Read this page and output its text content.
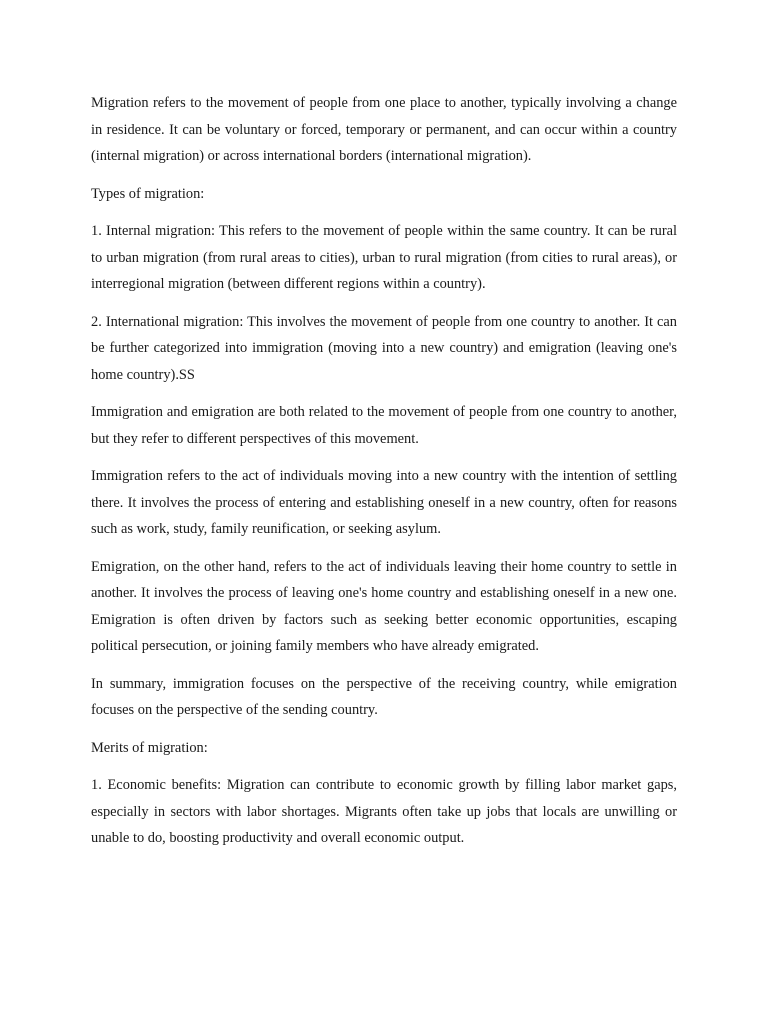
Migration refers to the movement of people from one place to another, typically involving a change in residence. It can be voluntary or forced, temporary or permanent, and can occur within a country (internal migration) or across international borders (international migration).

Types of migration:

1. Internal migration: This refers to the movement of people within the same country. It can be rural to urban migration (from rural areas to cities), urban to rural migration (from cities to rural areas), or interregional migration (between different regions within a country).

2. International migration: This involves the movement of people from one country to another. It can be further categorized into immigration (moving into a new country) and emigration (leaving one's home country).SS

Immigration and emigration are both related to the movement of people from one country to another, but they refer to different perspectives of this movement.

Immigration refers to the act of individuals moving into a new country with the intention of settling there. It involves the process of entering and establishing oneself in a new country, often for reasons such as work, study, family reunification, or seeking asylum.

Emigration, on the other hand, refers to the act of individuals leaving their home country to settle in another. It involves the process of leaving one's home country and establishing oneself in a new one. Emigration is often driven by factors such as seeking better economic opportunities, escaping political persecution, or joining family members who have already emigrated.

In summary, immigration focuses on the perspective of the receiving country, while emigration focuses on the perspective of the sending country.

Merits of migration:

1. Economic benefits: Migration can contribute to economic growth by filling labor market gaps, especially in sectors with labor shortages. Migrants often take up jobs that locals are unwilling or unable to do, boosting productivity and overall economic output.
